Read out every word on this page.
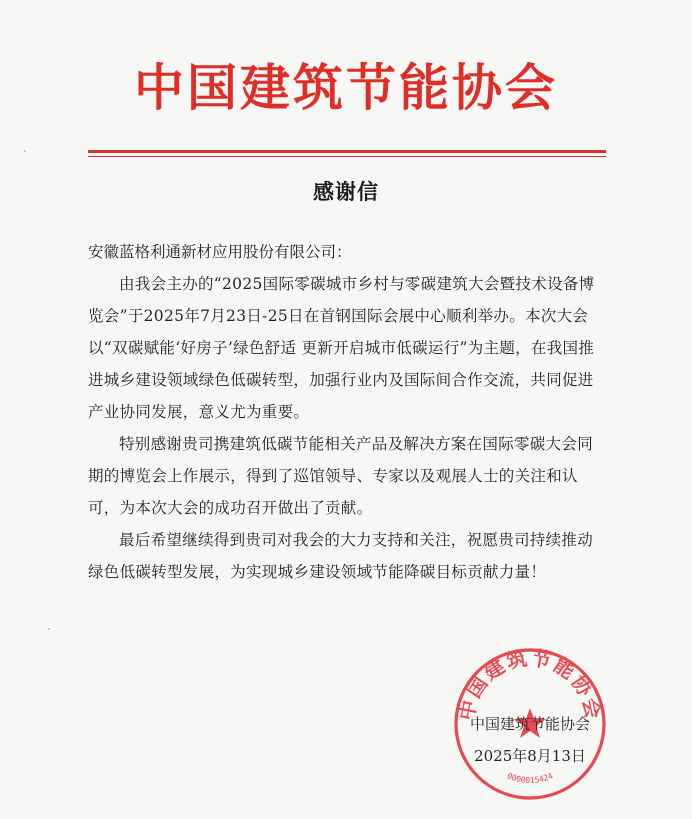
中国建筑节能协会
感谢信
安徽蓝格利通新材应用股份有限公司：

由我会主办的“2025国际零碳城市乡村与零碳建筑大会暨技术设备博览会”于2025年7月23日-25日在首钢国际会展中心顺利举办。本次大会以“双碳赋能‘好房子’绿色舒适 更新开启城市低碳运行”为主题，在我国推进城乡建设领域绿色低碳转型，加强行业内及国际间合作交流，共同促进产业协同发展，意义尤为重要。

特别感谢贵司携建筑低碳节能相关产品及解决方案在国际零碳大会同期的博览会上作展示，得到了巡馆领导、专家以及观展人士的关注和认可，为本次大会的成功召开做出了贡献。

最后希望继续得到贵司对我会的大力支持和关注，祝愿贵司持续推动绿色低碳转型发展，为实现城乡建设领域节能降碳目标贡献力量！

中国建筑节能协会
0000015424
中国建筑节能协会
2025年8月13日
